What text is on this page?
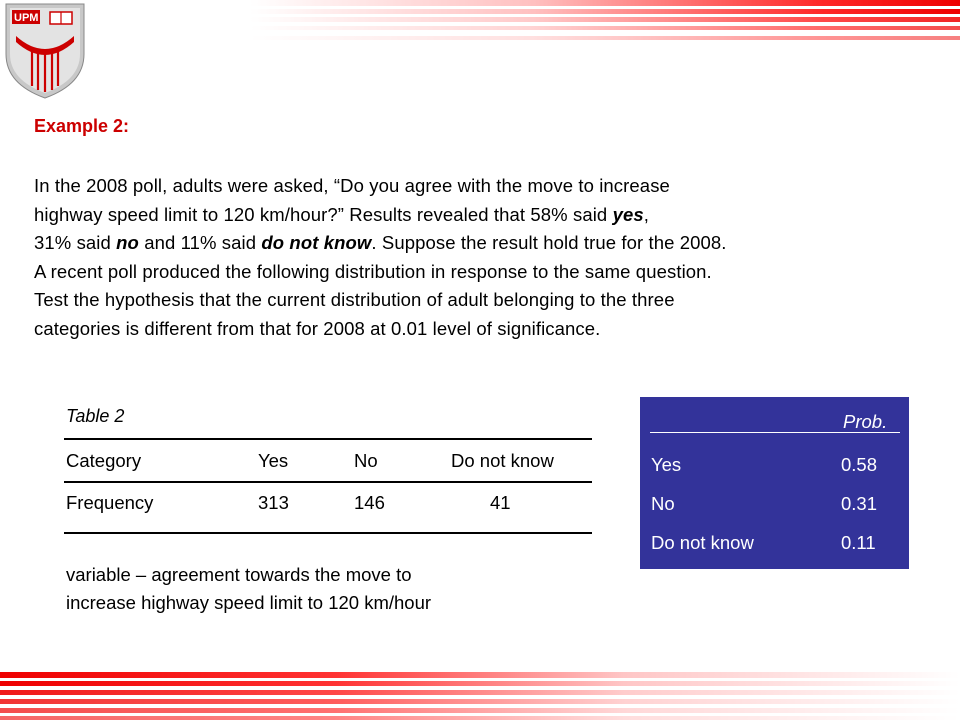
UPM
Example 2:
In the 2008 poll, adults were asked, “Do you agree with the move to increase
highway speed limit to 120 km/hour?” Results revealed that 58% said yes,
31% said no and 11% said do not know. Suppose the result hold true for the 2008.
A recent poll produced the following distribution in response to the same question.
Test the hypothesis that the current distribution of adult belonging to the three
categories is different from that for 2008 at 0.01 level of significance.
Table 2
Category	Yes	No	Do not know
Frequency	313	146	41
variable – agreement towards the move to
increase highway speed limit to 120 km/hour
Prob.
Yes	0.58
No	0.31
Do not know	0.11
